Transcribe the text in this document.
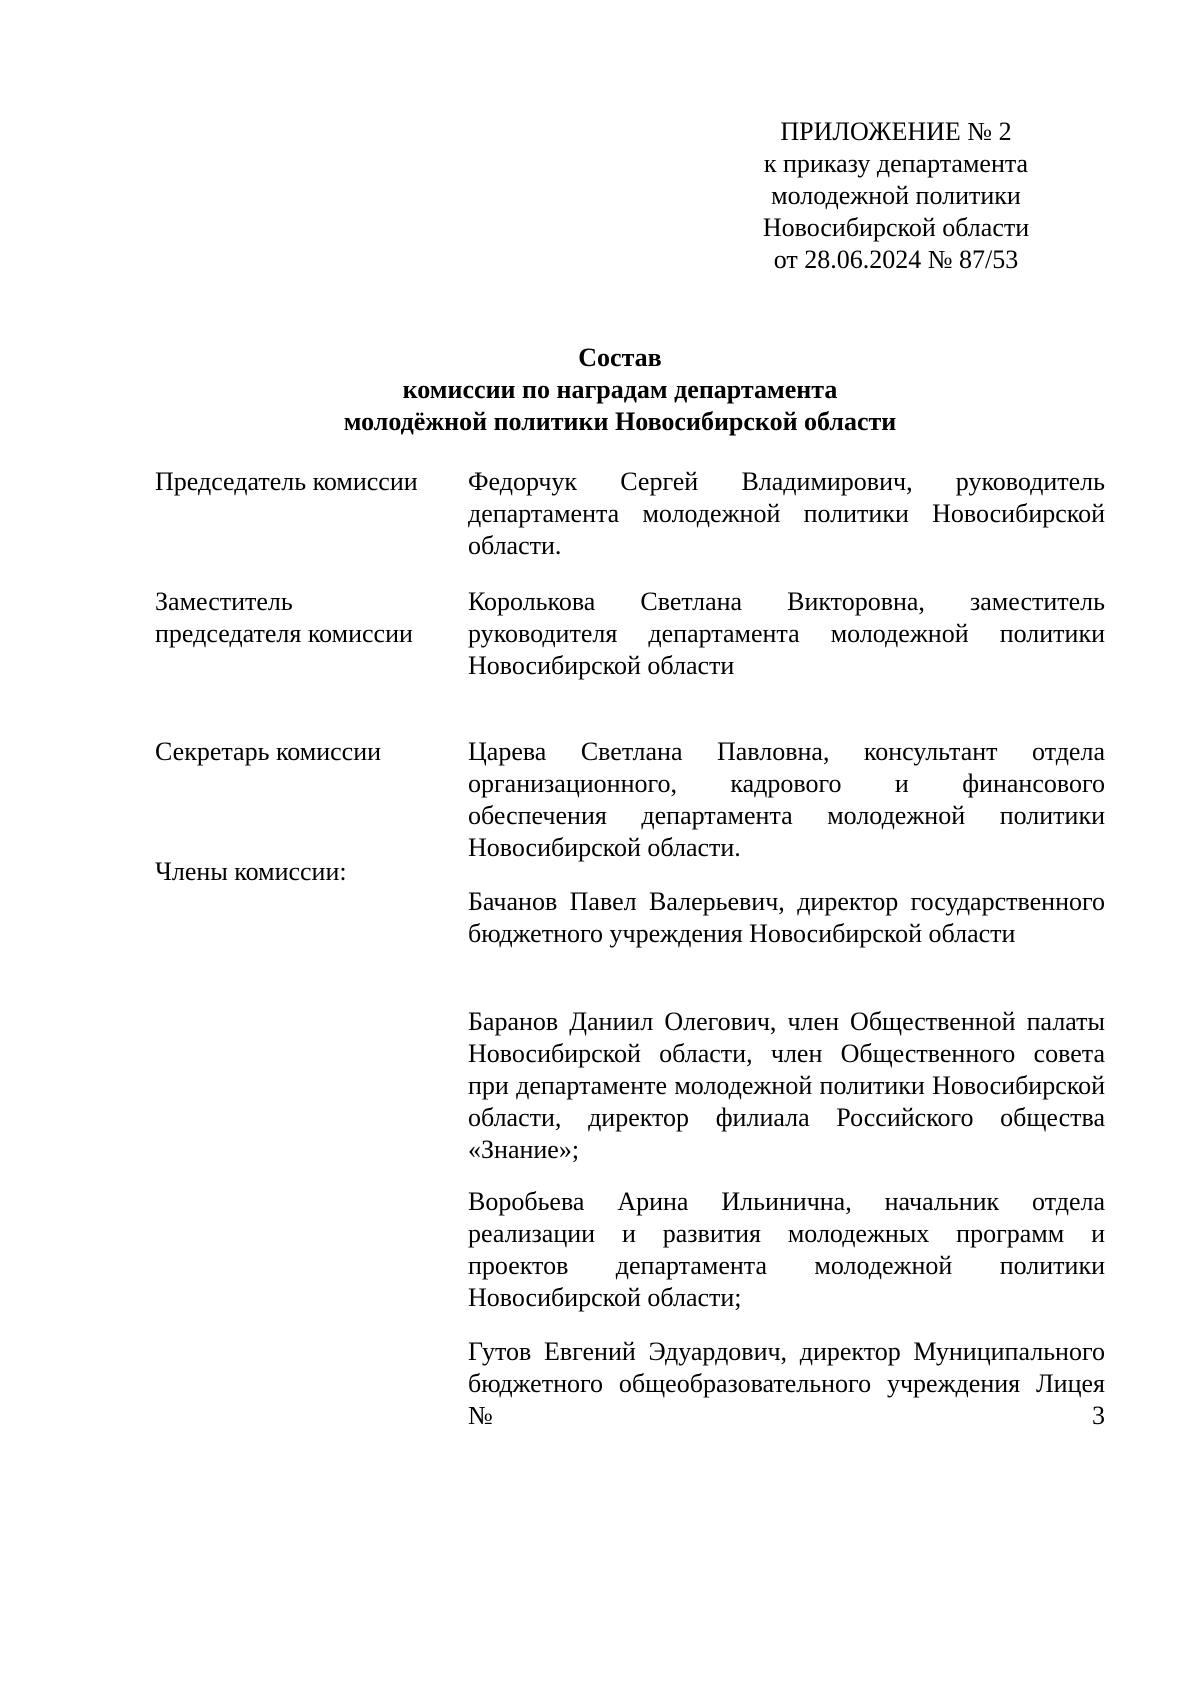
ПРИЛОЖЕНИЕ № 2
к приказу департамента
молодежной политики
Новосибирской области
от 28.06.2024 № 87/53
Состав
комиссии по наградам департамента
молодёжной политики Новосибирской области
Председатель комиссии	Федорчук Сергей Владимирович, руководитель департамента молодежной политики Новосибирской области.
Заместитель
председателя комиссии
Королькова Светлана Викторовна, заместитель руководителя департамента молодежной политики Новосибирской области
Секретарь комиссии	Царева Светлана Павловна, консультант отдела организационного, кадрового и финансового обеспечения департамента молодежной политики Новосибирской области.
Члены комиссии:
Бачанов Павел Валерьевич, директор государственного бюджетного учреждения Новосибирской области
Баранов Даниил Олегович, член Общественной палаты Новосибирской области, член Общественного совета при департаменте молодежной политики Новосибирской области, директор филиала Российского общества «Знание»;
Воробьева Арина Ильинична, начальник отдела реализации и развития молодежных программ и проектов департамента молодежной политики Новосибирской области;
Гутов Евгений Эдуардович, директор Муниципального бюджетного общеобразовательного учреждения Лицея № 3
